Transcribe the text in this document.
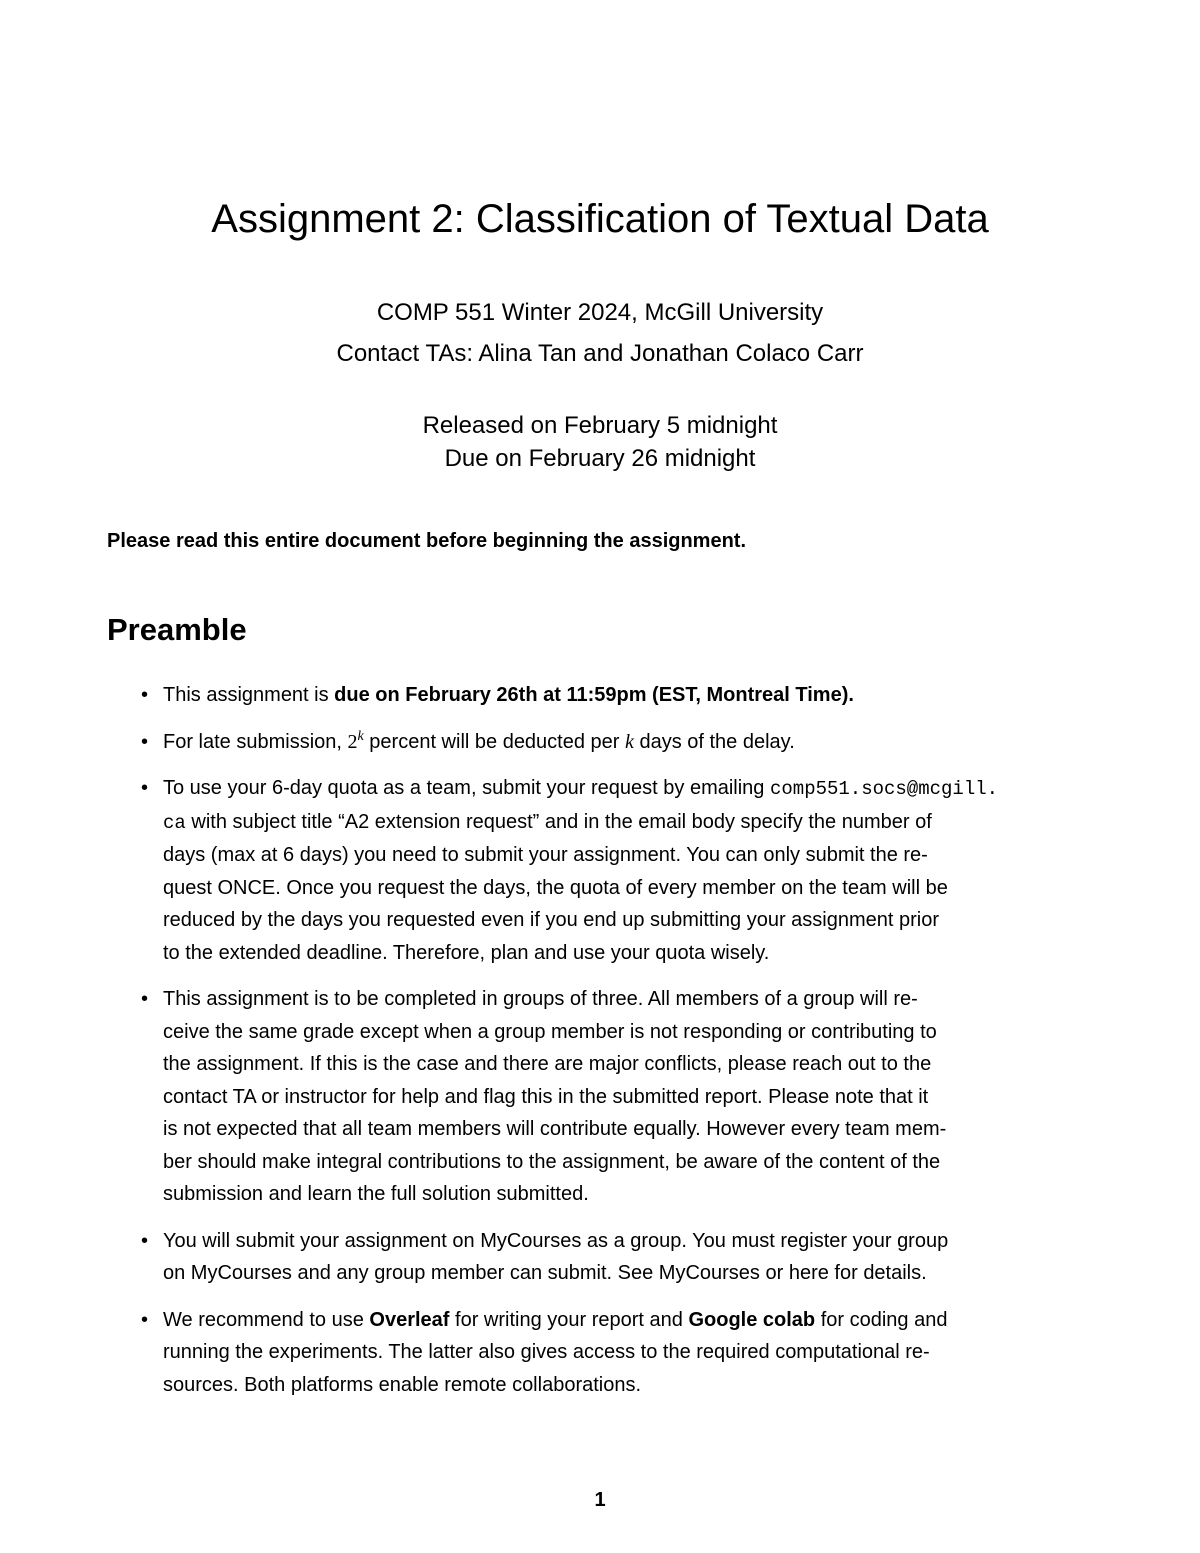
Assignment 2: Classification of Textual Data
COMP 551 Winter 2024, McGill University
Contact TAs: Alina Tan and Jonathan Colaco Carr
Released on February 5 midnight
Due on February 26 midnight
Please read this entire document before beginning the assignment.
Preamble
• This assignment is due on February 26th at 11:59pm (EST, Montreal Time).
• For late submission, 2$^k$ percent will be deducted per k days of the delay.
• To use your 6-day quota as a team, submit your request by emailing comp551.socs@mcgill.
ca with subject title “A2 extension request” and in the email body specify the number of
days (max at 6 days) you need to submit your assignment. You can only submit the re-
quest ONCE. Once you request the days, the quota of every member on the team will be
reduced by the days you requested even if you end up submitting your assignment prior
to the extended deadline. Therefore, plan and use your quota wisely.
• This assignment is to be completed in groups of three. All members of a group will re-
ceive the same grade except when a group member is not responding or contributing to
the assignment. If this is the case and there are major conflicts, please reach out to the
contact TA or instructor for help and flag this in the submitted report. Please note that it
is not expected that all team members will contribute equally. However every team mem-
ber should make integral contributions to the assignment, be aware of the content of the
submission and learn the full solution submitted.
• You will submit your assignment on MyCourses as a group. You must register your group
on MyCourses and any group member can submit. See MyCourses or here for details.
• We recommend to use Overleaf for writing your report and Google colab for coding and
running the experiments. The latter also gives access to the required computational re-
sources. Both platforms enable remote collaborations.
1
